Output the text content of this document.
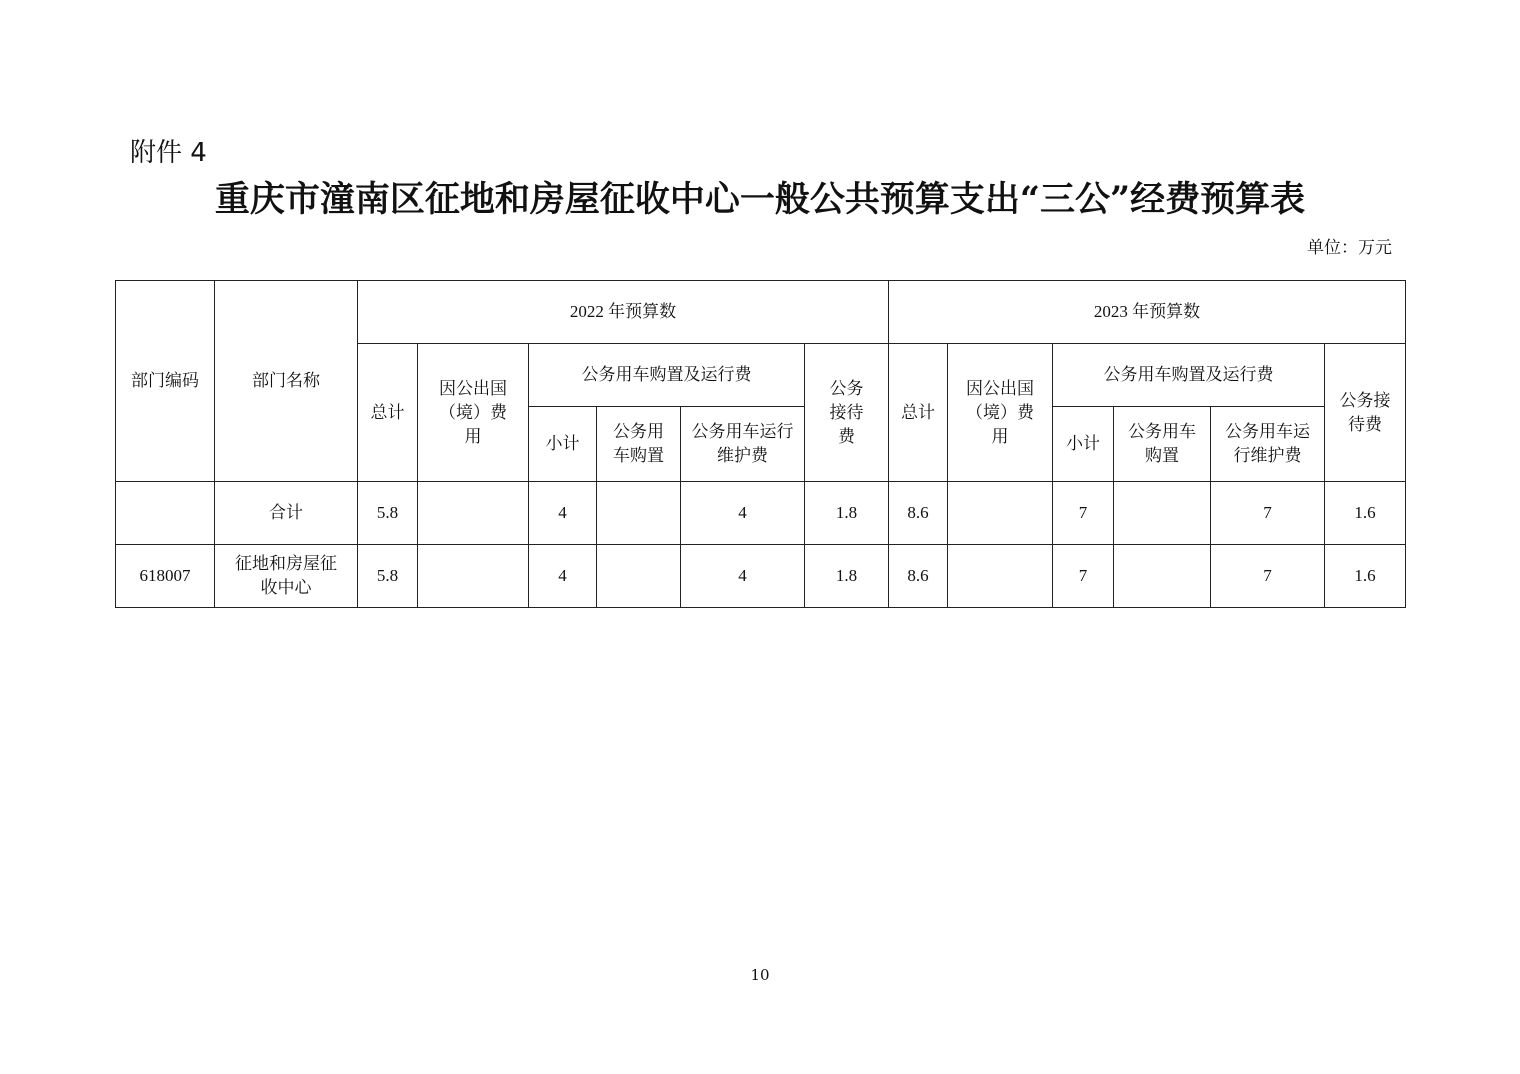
附件 4
重庆市潼南区征地和房屋征收中心一般公共预算支出“三公”经费预算表
单位：万元
部门编码	部门名称	2022 年预算数						2023 年预算数					
		总计	因公出国（境）费用	公务用车购置及运行费			公务接待费	总计	因公出国（境）费用	公务用车购置及运行费			公务接待费
				小计	公务用车购置	公务用车运行维护费				小计	公务用车购置	公务用车运行维护费	
	合计	5.8		4		4	1.8	8.6		7		7	1.6
618007	征地和房屋征收中心	5.8		4		4	1.8	8.6		7		7	1.6
10
